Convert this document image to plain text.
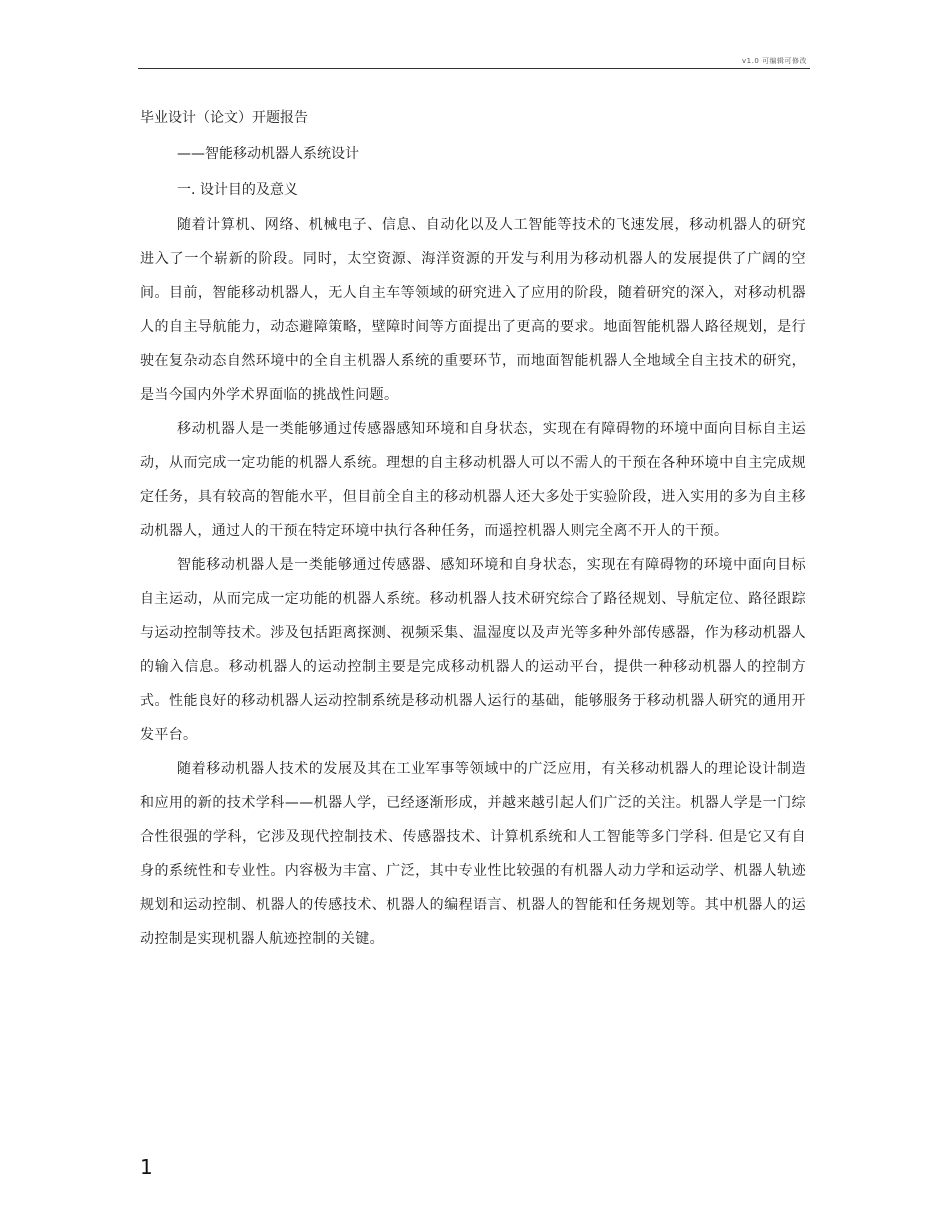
v1.0 可编辑可修改
毕业设计（论文）开题报告
——智能移动机器人系统设计
一. 设计目的及意义

随着计算机、网络、机械电子、信息、自动化以及人工智能等技术的飞速发展，移动机器人的研究进入了一个崭新的阶段。同时，太空资源、海洋资源的开发与利用为移动机器人的发展提供了广阔的空间。目前，智能移动机器人，无人自主车等领域的研究进入了应用的阶段，随着研究的深入，对移动机器人的自主导航能力，动态避障策略，壁障时间等方面提出了更高的要求。地面智能机器人路径规划，是行驶在复杂动态自然环境中的全自主机器人系统的重要环节，而地面智能机器人全地域全自主技术的研究，是当今国内外学术界面临的挑战性问题。

移动机器人是一类能够通过传感器感知环境和自身状态，实现在有障碍物的环境中面向目标自主运动，从而完成一定功能的机器人系统。理想的自主移动机器人可以不需人的干预在各种环境中自主完成规定任务，具有较高的智能水平，但目前全自主的移动机器人还大多处于实验阶段，进入实用的多为自主移动机器人，通过人的干预在特定环境中执行各种任务，而遥控机器人则完全离不开人的干预。

智能移动机器人是一类能够通过传感器、感知环境和自身状态，实现在有障碍物的环境中面向目标自主运动，从而完成一定功能的机器人系统。移动机器人技术研究综合了路径规划、导航定位、路径跟踪与运动控制等技术。涉及包括距离探测、视频采集、温湿度以及声光等多种外部传感器，作为移动机器人的输入信息。移动机器人的运动控制主要是完成移动机器人的运动平台，提供一种移动机器人的控制方式。性能良好的移动机器人运动控制系统是移动机器人运行的基础，能够服务于移动机器人研究的通用开发平台。

随着移动机器人技术的发展及其在工业军事等领域中的广泛应用，有关移动机器人的理论设计制造和应用的新的技术学科——机器人学，已经逐渐形成，并越来越引起人们广泛的关注。机器人学是一门综合性很强的学科，它涉及现代控制技术、传感器技术、计算机系统和人工智能等多门学科. 但是它又有自身的系统性和专业性。内容极为丰富、广泛，其中专业性比较强的有机器人动力学和运动学、机器人轨迹规划和运动控制、机器人的传感技术、机器人的编程语言、机器人的智能和任务规划等。其中机器人的运动控制是实现机器人航迹控制的关键。

1
